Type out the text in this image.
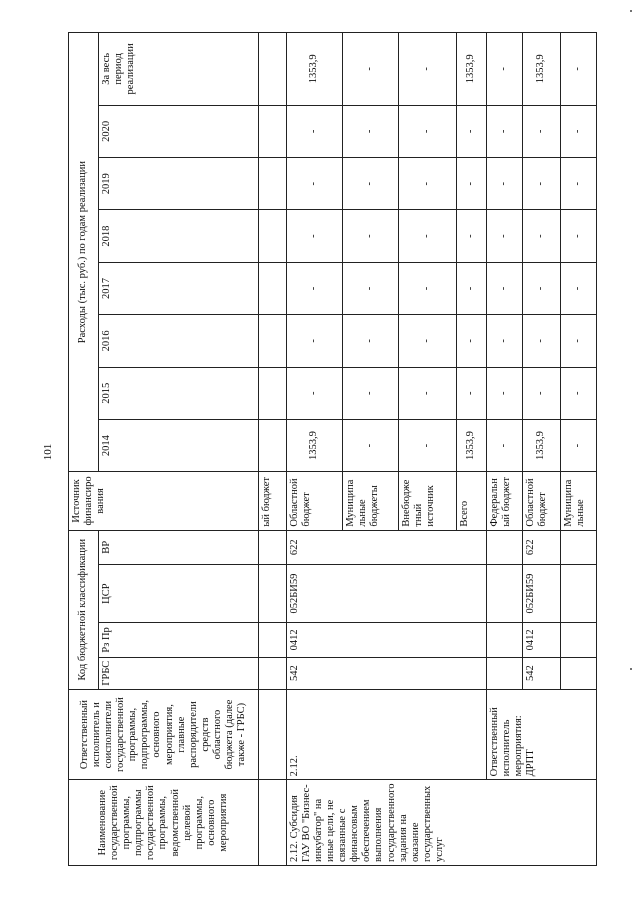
101
Наименование государственной программы, подпрограммы государственной программы, ведомственной целевой программы, основного мероприятия	Ответственный исполнитель и соисполнители государственной программы, подпрограммы, основного мероприятия, главные распорядители средств областного бюджета (далее также - ГРБС)	Код бюджетной классификации				Источник финансирования	Расходы (тыс. руб.) по годам реализации							
		ГРБС	Рз Пр	ЦСР	ВР		2014	2015	2016	2017	2018	2019	2020	За весь период реализации
						ый бюджет								
2.12. Субсидия ГАУ ВО "Бизнес-инкубатор" на иные цели, не связанные с финансовым обеспечением выполнения государственного задания на оказание государственных услуг	2.12.	542	0412	052БИ59	622	Областной бюджет	1353,9	-	-	-	-	-	-	1353,9
						Муниципальные бюджеты	-	-	-	-	-	-	-	-
						Внебюджетный источник	-	-	-	-	-	-	-	-
						Всего	1353,9	-	-	-	-	-	-	1353,9
	Ответственный исполнитель мероприятия: ДРПТ					Федеральный бюджет	-	-	-	-	-	-	-	-
		542	0412	052БИ59	622	Областной бюджет	1353,9	-	-	-	-	-	-	1353,9
						Муниципальные	-	-	-	-	-	-	-	-
